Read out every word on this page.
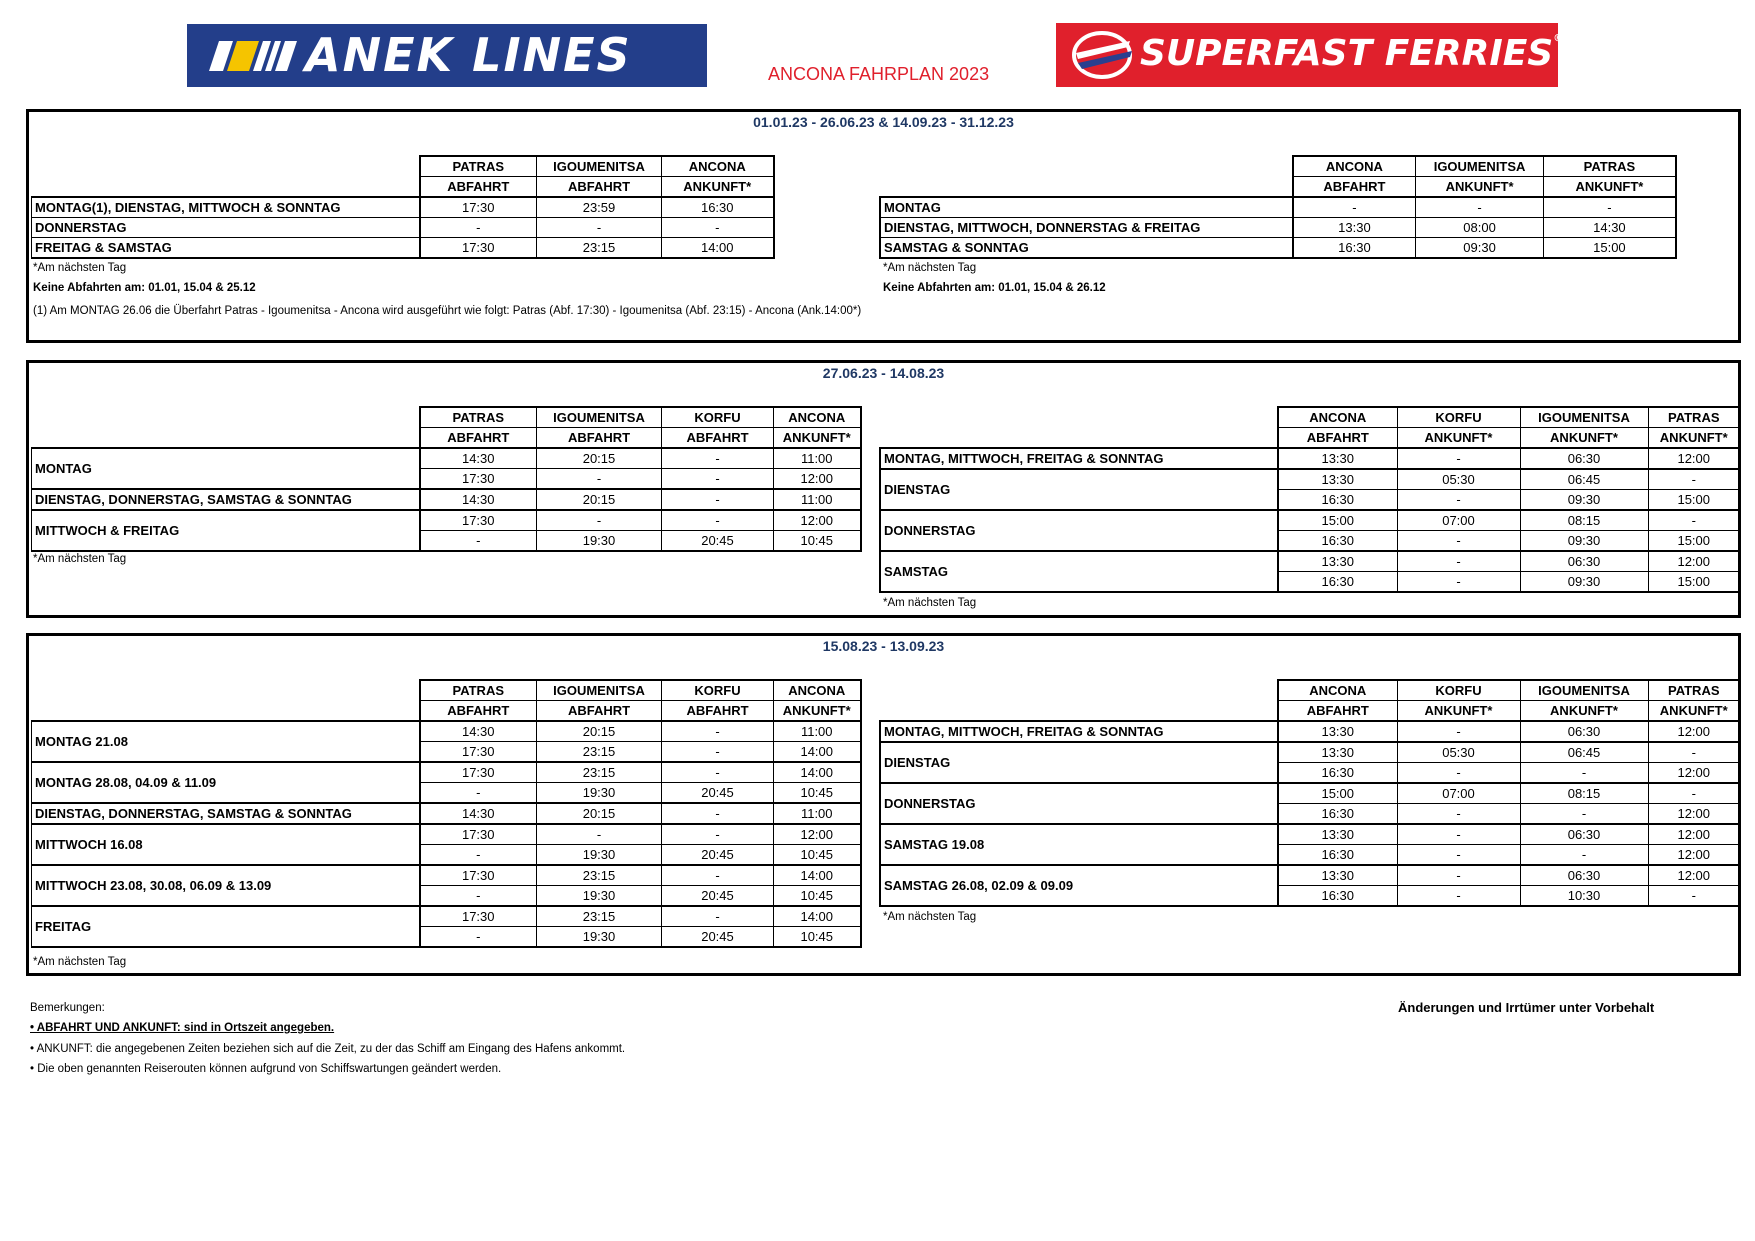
ANEK LINES	ANCONA FAHRPLAN 2023	SUPERFAST FERRIES®
01.01.23 - 26.06.23 & 14.09.23 - 31.12.23
	PATRAS	IGOUMENITSA	ANCONA
	ABFAHRT	ABFAHRT	ANKUNFT*
MONTAG(1), DIENSTAG, MITTWOCH & SONNTAG	17:30	23:59	16:30
DONNERSTAG	-	-	-
FREITAG & SAMSTAG	17:30	23:15	14:00
*Am nächsten Tag
Keine Abfahrten am: 01.01, 15.04 & 25.12
(1) Am MONTAG 26.06 die Überfahrt Patras - Igoumenitsa - Ancona wird ausgeführt wie folgt: Patras (Abf. 17:30) - Igoumenitsa (Abf. 23:15) - Ancona (Ank.14:00*)
	ANCONA	IGOUMENITSA	PATRAS
	ABFAHRT	ANKUNFT*	ANKUNFT*
MONTAG	-	-	-
DIENSTAG, MITTWOCH, DONNERSTAG & FREITAG	13:30	08:00	14:30
SAMSTAG & SONNTAG	16:30	09:30	15:00
*Am nächsten Tag
Keine Abfahrten am: 01.01, 15.04 & 26.12
27.06.23 - 14.08.23
	PATRAS	IGOUMENITSA	KORFU	ANCONA
	ABFAHRT	ABFAHRT	ABFAHRT	ANKUNFT*
MONTAG	14:30	20:15	-	11:00
	17:30	-	-	12:00
DIENSTAG, DONNERSTAG, SAMSTAG & SONNTAG	14:30	20:15	-	11:00
MITTWOCH & FREITAG	17:30	-	-	12:00
	-	19:30	20:45	10:45
*Am nächsten Tag
	ANCONA	KORFU	IGOUMENITSA	PATRAS
	ABFAHRT	ANKUNFT*	ANKUNFT*	ANKUNFT*
MONTAG, MITTWOCH, FREITAG & SONNTAG	13:30	-	06:30	12:00
DIENSTAG	13:30	05:30	06:45	-
	16:30	-	09:30	15:00
DONNERSTAG	15:00	07:00	08:15	-
	16:30	-	09:30	15:00
SAMSTAG	13:30	-	06:30	12:00
	16:30	-	09:30	15:00
*Am nächsten Tag
15.08.23 - 13.09.23
	PATRAS	IGOUMENITSA	KORFU	ANCONA
	ABFAHRT	ABFAHRT	ABFAHRT	ANKUNFT*
MONTAG 21.08	14:30	20:15	-	11:00
	17:30	23:15	-	14:00
MONTAG 28.08, 04.09 & 11.09	17:30	23:15	-	14:00
	-	19:30	20:45	10:45
DIENSTAG, DONNERSTAG, SAMSTAG & SONNTAG	14:30	20:15	-	11:00
MITTWOCH 16.08	17:30	-	-	12:00
	-	19:30	20:45	10:45
MITTWOCH 23.08, 30.08, 06.09 & 13.09	17:30	23:15	-	14:00
	-	19:30	20:45	10:45
FREITAG	17:30	23:15	-	14:00
	-	19:30	20:45	10:45
*Am nächsten Tag
	ANCONA	KORFU	IGOUMENITSA	PATRAS
	ABFAHRT	ANKUNFT*	ANKUNFT*	ANKUNFT*
MONTAG, MITTWOCH, FREITAG & SONNTAG	13:30	-	06:30	12:00
DIENSTAG	13:30	05:30	06:45	-
	16:30	-	-	12:00
DONNERSTAG	15:00	07:00	08:15	-
	16:30	-	-	12:00
SAMSTAG 19.08	13:30	-	06:30	12:00
	16:30	-	-	12:00
SAMSTAG 26.08, 02.09 & 09.09	13:30	-	06:30	12:00
	16:30	-	10:30	-
*Am nächsten Tag
Bemerkungen:
• ABFAHRT UND ANKUNFT: sind in Ortszeit angegeben.
• ANKUNFT: die angegebenen Zeiten beziehen sich auf die Zeit, zu der das Schiff am Eingang des Hafens ankommt.
• Die oben genannten Reiserouten können aufgrund von Schiffswartungen geändert werden.
Änderungen und Irrtümer unter Vorbehalt
